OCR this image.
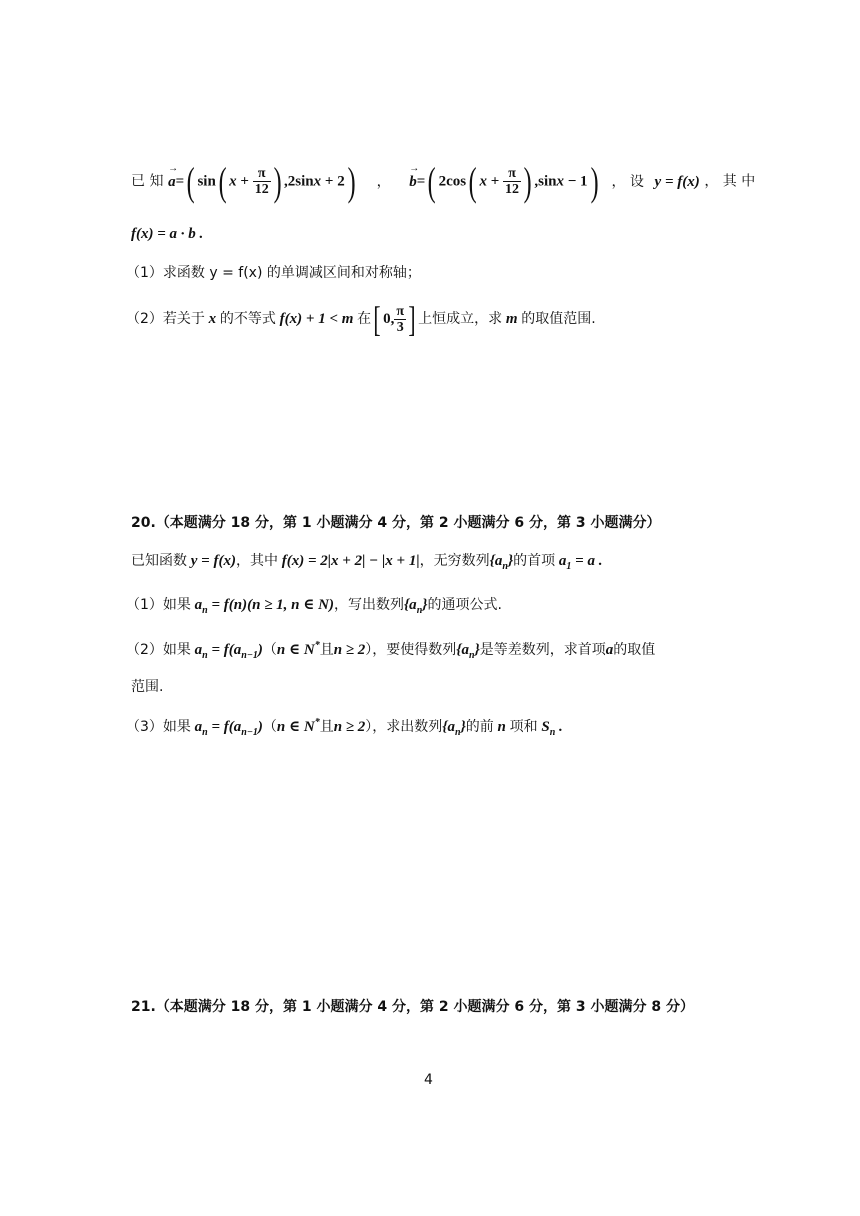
已 知 → a=( sin( $x + \frac{\pi}{12}$ ) ,2sinx + 2) ， → b=( 2cos( $x + \frac{\pi}{12}$ ) ,sinx − 1) ， 设 y = f(x) ， 其 中
f(x) = a · b .
（1）求函数 y = f(x) 的单调减区间和对称轴；
（2）若关于 x 的不等式 f(x) + 1 < m 在[ 0, $\frac{\pi}{3}$ ] 上恒成立，求 m 的取值范围.
20.（本题满分 18 分，第 1 小题满分 4 分，第 2 小题满分 6 分，第 3 小题满分）
已知函数 y = f(x)，其中 f(x) = 2|x + 2| − |x + 1|，无穷数列$\{a_n\}$的首项 $a_1 = a$ .
（1）如果 $a_n = f(n)(n \ge 1$, n ∈ N)，写出数列$\{a_n\}$的通项公式.
（2）如果 $a_n = f(a_{n-1})(n$ ∈ N*且n ≥ 2），要使得数列$\{a_n\}$是等差数列，求首项a的取值
范围.
（3）如果 $a_n = f(a_{n-1})(n$ ∈ N*且n ≥ 2），求出数列$\{a_n\}$的前 n 项和 $S_n$ .
21.（本题满分 18 分，第 1 小题满分 4 分，第 2 小题满分 6 分，第 3 小题满分 8 分）
4
